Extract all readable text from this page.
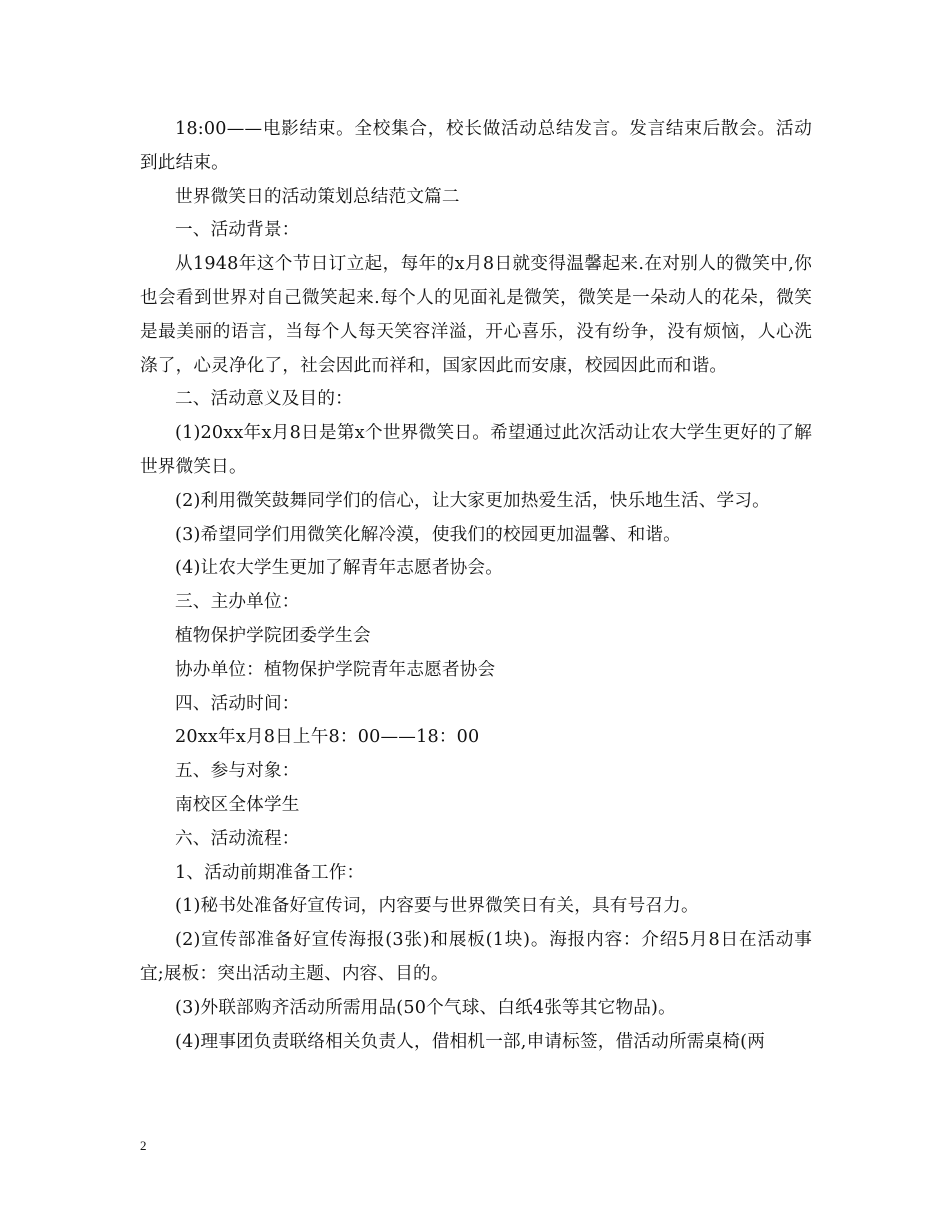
18:00——电影结束。全校集合，校长做活动总结发言。发言结束后散会。活动到此结束。

世界微笑日的活动策划总结范文篇二

一、活动背景：

从1948年这个节日订立起，每年的x月8日就变得温馨起来.在对别人的微笑中,你也会看到世界对自己微笑起来.每个人的见面礼是微笑，微笑是一朵动人的花朵，微笑是最美丽的语言，当每个人每天笑容洋溢，开心喜乐，没有纷争，没有烦恼，人心洗涤了，心灵净化了，社会因此而祥和，国家因此而安康，校园因此而和谐。

二、活动意义及目的：

(1)20xx年x月8日是第x个世界微笑日。希望通过此次活动让农大学生更好的了解世界微笑日。

(2)利用微笑鼓舞同学们的信心，让大家更加热爱生活，快乐地生活、学习。

(3)希望同学们用微笑化解冷漠，使我们的校园更加温馨、和谐。

(4)让农大学生更加了解青年志愿者协会。

三、主办单位：

植物保护学院团委学生会

协办单位：植物保护学院青年志愿者协会

四、活动时间：

20xx年x月8日上午8：00——18：00

五、参与对象：

南校区全体学生

六、活动流程：

1、活动前期准备工作：

(1)秘书处准备好宣传词，内容要与世界微笑日有关，具有号召力。

(2)宣传部准备好宣传海报(3张)和展板(1块)。海报内容：介绍5月8日在活动事宜;展板：突出活动主题、内容、目的。

(3)外联部购齐活动所需用品(50个气球、白纸4张等其它物品)。

(4)理事团负责联络相关负责人，借相机一部,申请标签，借活动所需桌椅(两

2
